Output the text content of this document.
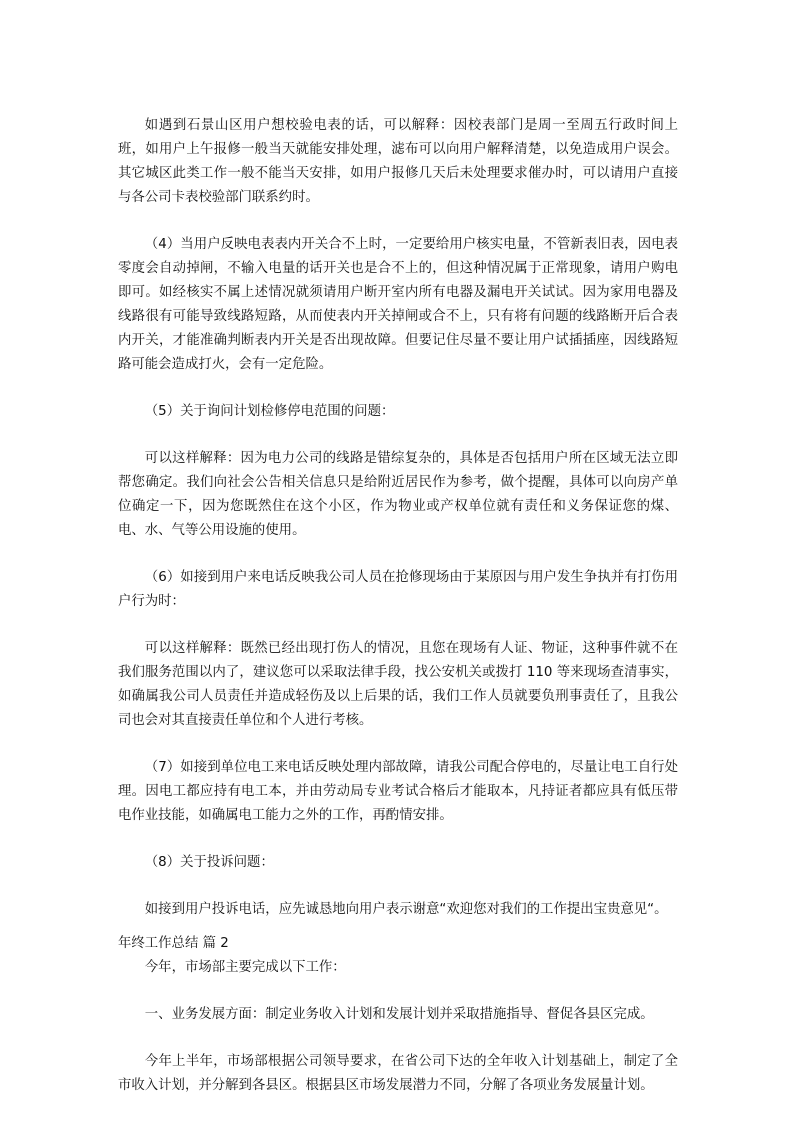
如遇到石景山区用户想校验电表的话，可以解释：因校表部门是周一至周五行政时间上班，如用户上午报修一般当天就能安排处理，滤布可以向用户解释清楚，以免造成用户误会。其它城区此类工作一般不能当天安排，如用户报修几天后未处理要求催办时，可以请用户直接与各公司卡表校验部门联系约时。

（4）当用户反映电表表内开关合不上时，一定要给用户核实电量，不管新表旧表，因电表零度会自动掉闸，不输入电量的话开关也是合不上的，但这种情况属于正常现象，请用户购电即可。如经核实不属上述情况就须请用户断开室内所有电器及漏电开关试试。因为家用电器及线路很有可能导致线路短路，从而使表内开关掉闸或合不上，只有将有问题的线路断开后合表内开关，才能准确判断表内开关是否出现故障。但要记住尽量不要让用户试插插座，因线路短路可能会造成打火，会有一定危险。

（5）关于询问计划检修停电范围的问题：

可以这样解释：因为电力公司的线路是错综复杂的，具体是否包括用户所在区域无法立即帮您确定。我们向社会公告相关信息只是给附近居民作为参考，做个提醒，具体可以向房产单位确定一下，因为您既然住在这个小区，作为物业或产权单位就有责任和义务保证您的煤、电、水、气等公用设施的使用。

（6）如接到用户来电话反映我公司人员在抢修现场由于某原因与用户发生争执并有打伤用户行为时：

可以这样解释：既然已经出现打伤人的情况，且您在现场有人证、物证，这种事件就不在我们服务范围以内了，建议您可以采取法律手段，找公安机关或拨打 110 等来现场查清事实，如确属我公司人员责任并造成轻伤及以上后果的话，我们工作人员就要负刑事责任了，且我公司也会对其直接责任单位和个人进行考核。

（7）如接到单位电工来电话反映处理内部故障，请我公司配合停电的，尽量让电工自行处理。因电工都应持有电工本，并由劳动局专业考试合格后才能取本，凡持证者都应具有低压带电作业技能，如确属电工能力之外的工作，再酌情安排。

（8）关于投诉问题：

如接到用户投诉电话，应先诚恳地向用户表示谢意“欢迎您对我们的工作提出宝贵意见“。

年终工作总结 篇 2

今年，市场部主要完成以下工作：

一、业务发展方面：制定业务收入计划和发展计划并采取措施指导、督促各县区完成。

今年上半年，市场部根据公司领导要求，在省公司下达的全年收入计划基础上，制定了全市收入计划，并分解到各县区。根据县区市场发展潜力不同，分解了各项业务发展量计划。
